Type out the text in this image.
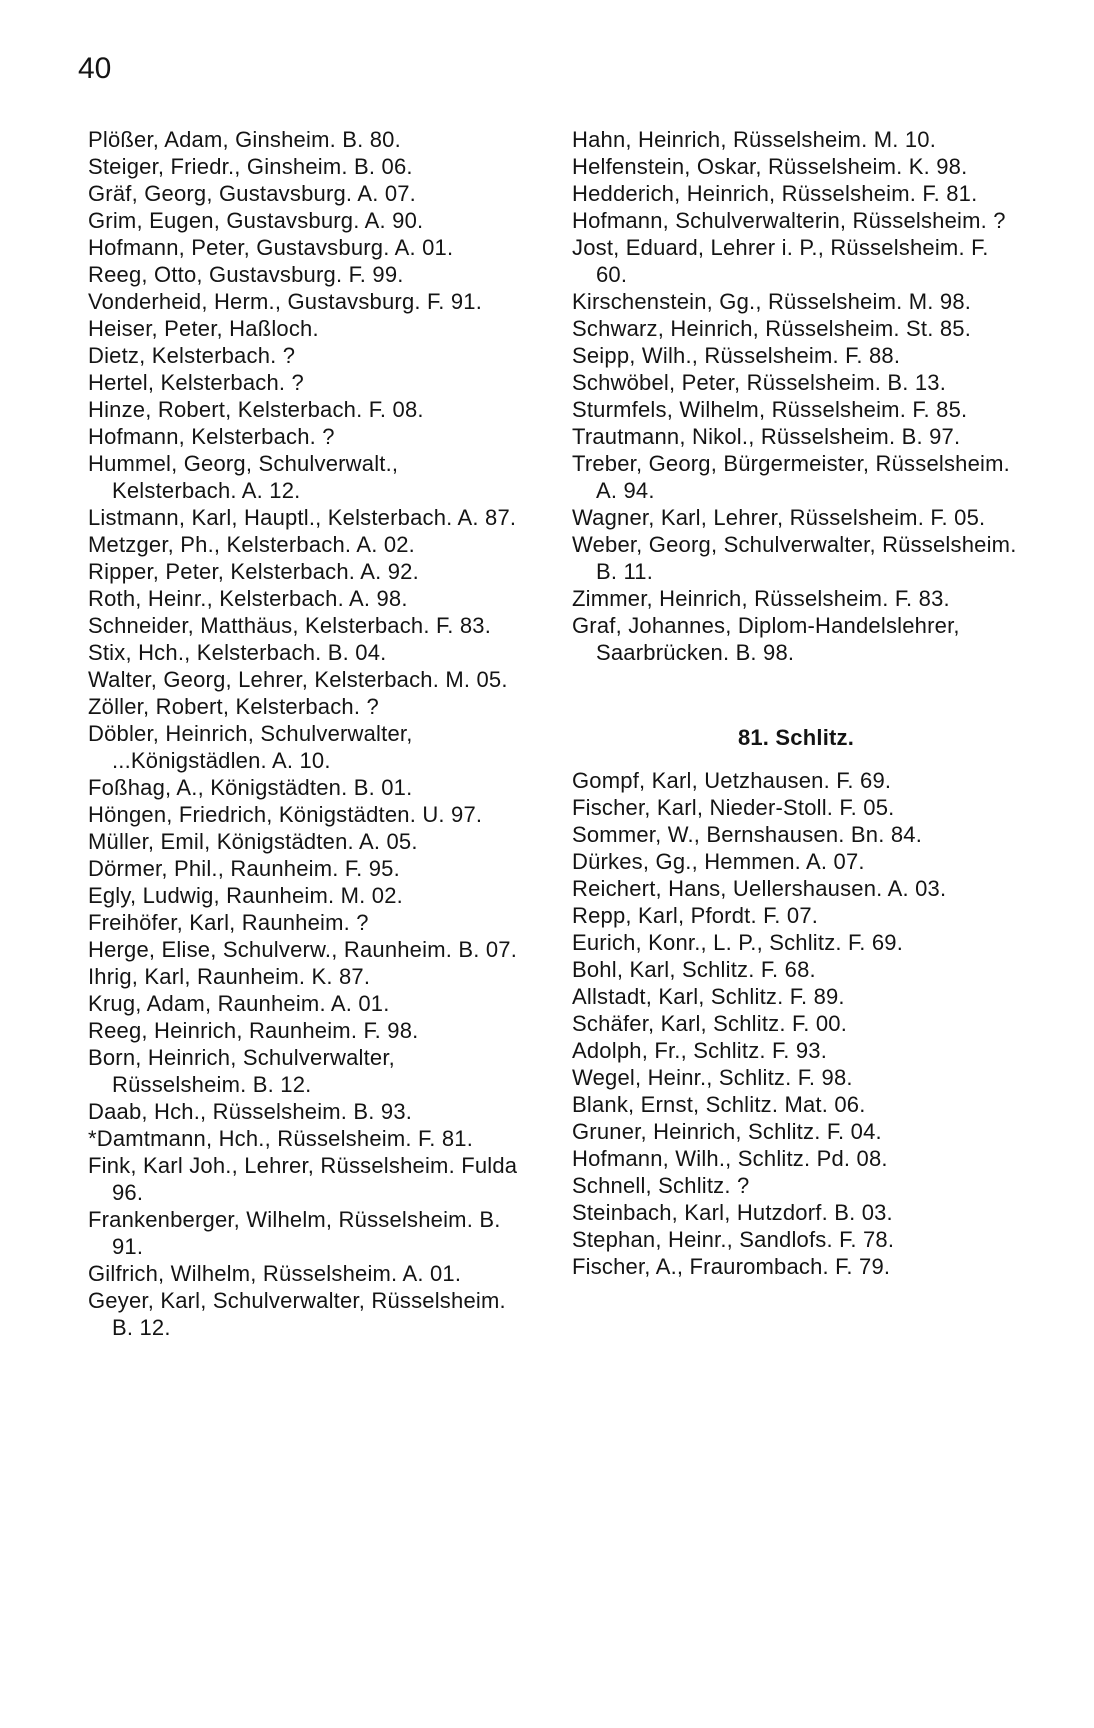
40

Plößer, Adam, Ginsheim. B. 80.

Steiger, Friedr., Ginsheim. B. 06.

Gräf, Georg, Gustavsburg. A. 07.

Grim, Eugen, Gustavsburg. A. 90.

Hofmann, Peter, Gustavsburg. A. 01.

Reeg, Otto, Gustavsburg. F. 99.

Vonderheid, Herm., Gustavsburg. F. 91.

Heiser, Peter, Haßloch.

Dietz, Kelsterbach. ?

Hertel, Kelsterbach. ?

Hinze, Robert, Kelsterbach. F. 08.

Hofmann, Kelsterbach. ?

Hummel, Georg, Schulverwalt., Kelsterbach. A. 12.

Listmann, Karl, Hauptl., Kelsterbach. A. 87.

Metzger, Ph., Kelsterbach. A. 02.

Ripper, Peter, Kelsterbach. A. 92.

Roth, Heinr., Kelsterbach. A. 98.

Schneider, Matthäus, Kelsterbach. F. 83.

Stix, Hch., Kelsterbach. B. 04.

Walter, Georg, Lehrer, Kelsterbach. M. 05.

Zöller, Robert, Kelsterbach. ?

Döbler, Heinrich, Schulverwalter, ...Königstädlen. A. 10.

Foßhag, A., Königstädten. B. 01.

Höngen, Friedrich, Königstädten. U. 97.

Müller, Emil, Königstädten. A. 05.

Dörmer, Phil., Raunheim. F. 95.

Egly, Ludwig, Raunheim. M. 02.

Freihöfer, Karl, Raunheim. ?

Herge, Elise, Schulverw., Raunheim. B. 07.

Ihrig, Karl, Raunheim. K. 87.

Krug, Adam, Raunheim. A. 01.

Reeg, Heinrich, Raunheim. F. 98.

Born, Heinrich, Schulverwalter, Rüsselsheim. B. 12.

Daab, Hch., Rüsselsheim. B. 93.

*Damtmann, Hch., Rüsselsheim. F. 81.

Fink, Karl Joh., Lehrer, Rüsselsheim. Fulda 96.

Frankenberger, Wilhelm, Rüsselsheim. B. 91.

Gilfrich, Wilhelm, Rüsselsheim. A. 01.

Geyer, Karl, Schulverwalter, Rüsselsheim. B. 12.

Hahn, Heinrich, Rüsselsheim. M. 10.

Helfenstein, Oskar, Rüsselsheim. K. 98.

Hedderich, Heinrich, Rüsselsheim. F. 81.

Hofmann, Schulverwalterin, Rüsselsheim. ?

Jost, Eduard, Lehrer i. P., Rüsselsheim. F. 60.

Kirschenstein, Gg., Rüsselsheim. M. 98.

Schwarz, Heinrich, Rüsselsheim. St. 85.

Seipp, Wilh., Rüsselsheim. F. 88.

Schwöbel, Peter, Rüsselsheim. B. 13.

Sturmfels, Wilhelm, Rüsselsheim. F. 85.

Trautmann, Nikol., Rüsselsheim. B. 97.

Treber, Georg, Bürgermeister, Rüsselsheim. A. 94.

Wagner, Karl, Lehrer, Rüsselsheim. F. 05.

Weber, Georg, Schulverwalter, Rüsselsheim. B. 11.

Zimmer, Heinrich, Rüsselsheim. F. 83.

Graf, Johannes, Diplom-Handelslehrer, Saarbrücken. B. 98.

81. Schlitz.

Gompf, Karl, Uetzhausen. F. 69.

Fischer, Karl, Nieder-Stoll. F. 05.

Sommer, W., Bernshausen. Bn. 84.

Dürkes, Gg., Hemmen. A. 07.

Reichert, Hans, Uellershausen. A. 03.

Repp, Karl, Pfordt. F. 07.

Eurich, Konr., L. P., Schlitz. F. 69.

Bohl, Karl, Schlitz. F. 68.

Allstadt, Karl, Schlitz. F. 89.

Schäfer, Karl, Schlitz. F. 00.

Adolph, Fr., Schlitz. F. 93.

Wegel, Heinr., Schlitz. F. 98.

Blank, Ernst, Schlitz. Mat. 06.

Gruner, Heinrich, Schlitz. F. 04.

Hofmann, Wilh., Schlitz. Pd. 08.

Schnell, Schlitz. ?

Steinbach, Karl, Hutzdorf. B. 03.

Stephan, Heinr., Sandlofs. F. 78.

Fischer, A., Fraurombach. F. 79.
